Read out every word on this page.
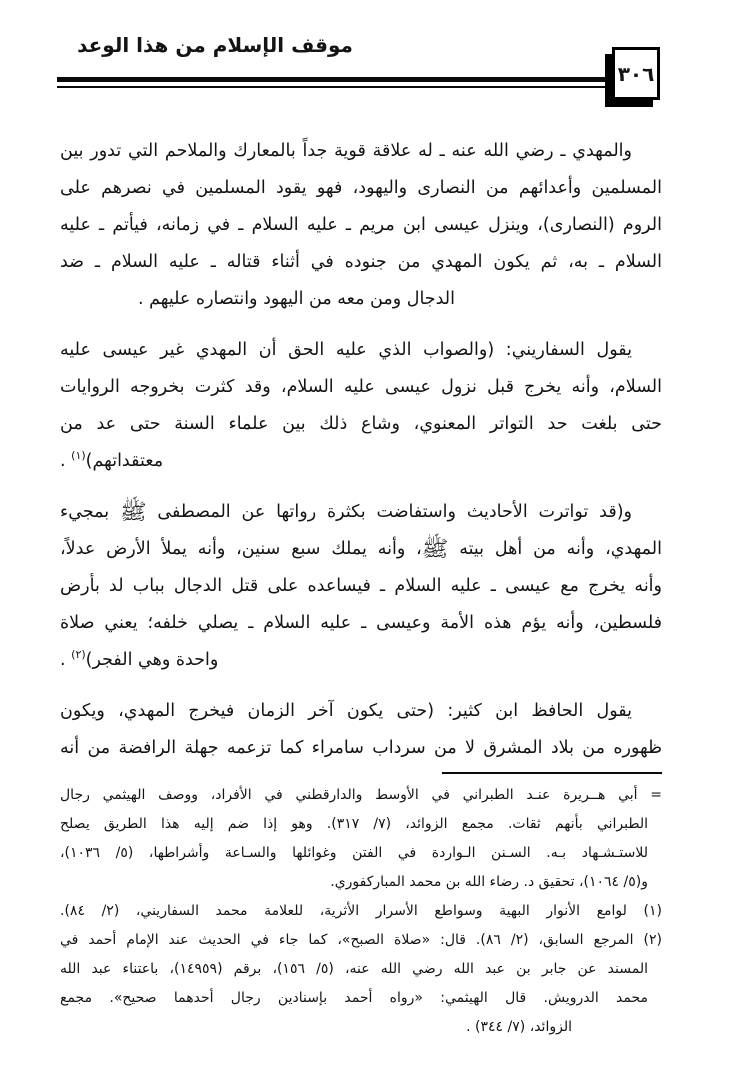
موقف الإسلام من هذا الوعد
٣٠٦
والمهدي ـ رضي الله عنه ـ له علاقة قوية جداً بالمعارك والملاحم التي تدور بين
المسلمين وأعدائهم من النصارى واليهود، فهو يقود المسلمين في نصرهم على
الروم (النصارى)، وينزل عيسى ابن مريم ـ عليه السلام ـ في زمانه، فيأتم ـ عليه
السلام ـ به، ثم يكون المهدي من جنوده في أثناء قتاله ـ عليه السلام ـ ضد
الدجال ومن معه من اليهود وانتصاره عليهم .
يقول السفاريني: (والصواب الذي عليه الحق أن المهدي غير عيسى عليه
السلام، وأنه يخرج قبل نزول عيسى عليه السلام، وقد كثرت بخروجه الروايات
حتى بلغت حد التواتر المعنوي، وشاع ذلك بين علماء السنة حتى عد من
معتقداتهم)$^{(١)}$ .
و(قد تواترت الأحاديث واستفاضت بكثرة رواتها عن المصطفى ﷺ بمجيء
المهدي، وأنه من أهل بيته ﷺ، وأنه يملك سبع سنين، وأنه يملأ الأرض عدلاً،
وأنه يخرج مع عيسى ـ عليه السلام ـ فيساعده على قتل الدجال بباب لد بأرض
فلسطين، وأنه يؤم هذه الأمة وعيسى ـ عليه السلام ـ يصلي خلفه؛ يعني صلاة
واحدة وهي الفجر)$^{(٢)}$ .
يقول الحافظ ابن كثير: (حتى يكون آخر الزمان فيخرج المهدي، ويكون
ظهوره من بلاد المشرق لا من سرداب سامراء كما تزعمه جهلة الرافضة من أنه
= أبي هــريرة عنـد الطبراني في الأوسط والدارقطني في الأفراد، ووصف الهيثمي رجال
الطبراني بأنهم ثقات. مجمع الزوائد، (٧/ ٣١٧). وهو إذا ضم إليه هذا الطريق يصلح
للاستـشـهاد بـه. السـنن الـواردة في الفتن وغوائلها والسـاعة وأشراطها، (٥/ ١٠٣٦)،
و(٥/ ١٠٦٤)، تحقيق د. رضاء الله بن محمد المباركفوري.
(١) لوامع الأنوار البهية وسواطع الأسرار الأثرية، للعلامة محمد السفاريني، (٢/ ٨٤).
(٢) المرجع السابق، (٢/ ٨٦). قال: «صلاة الصبح»، كما جاء في الحديث عند الإمام أحمد في
المسند عن جابر بن عبد الله رضي الله عنه، (٥/ ١٥٦)، برقم (١٤٩٥٩)، باعتناء عبد الله
محمد الدرويش. قال الهيثمي: «رواه أحمد بإسنادين رجال أحدهما صحيح». مجمع
الزوائد، (٧/ ٣٤٤) .
